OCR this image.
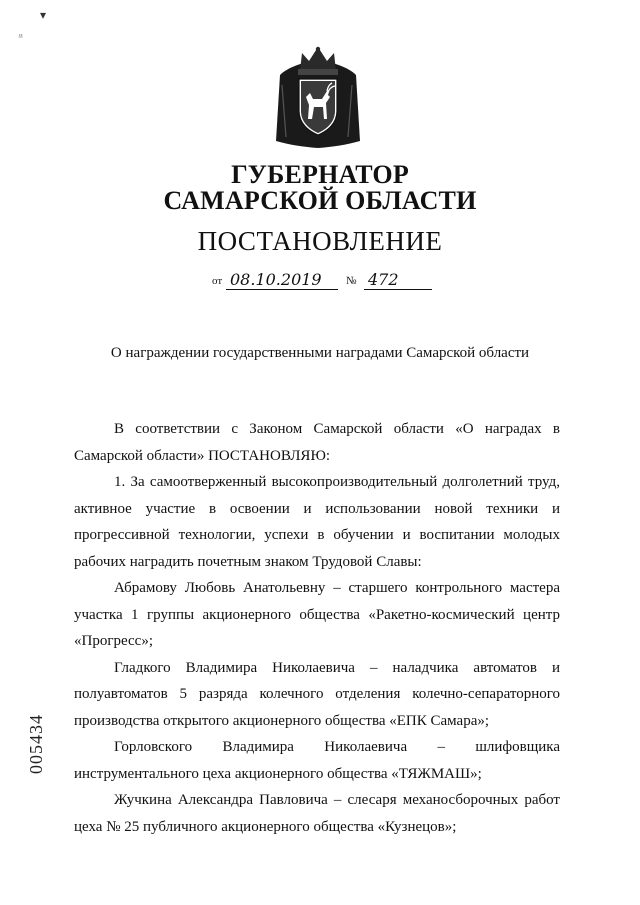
▾
⁻̈
ГУБЕРНАТОР
САМАРСКОЙ ОБЛАСТИ
ПОСТАНОВЛЕНИЕ
от 08.10.2019	№ 472
О награждении государственными наградами Самарской области

В соответствии с Законом Самарской области «О наградах в Самарской области» ПОСТАНОВЛЯЮ:

1. За самоотверженный высокопроизводительный долголетний труд, активное участие в освоении и использовании новой техники и прогрессивной технологии, успехи в обучении и воспитании молодых рабочих наградить почетным знаком Трудовой Славы:

Абрамову Любовь Анатольевну – старшего контрольного мастера участка 1 группы акционерного общества «Ракетно-космический центр «Прогресс»;

Гладкого Владимира Николаевича – наладчика автоматов и полуавтоматов 5 разряда колечного отделения колечно-сепараторного производства открытого акционерного общества «ЕПК Самара»;

Горловского Владимира Николаевича – шлифовщика инструментального цеха акционерного общества «ТЯЖМАШ»;

Жучкина Александра Павловича – слесаря механосборочных работ цеха № 25 публичного акционерного общества «Кузнецов»;

005434
